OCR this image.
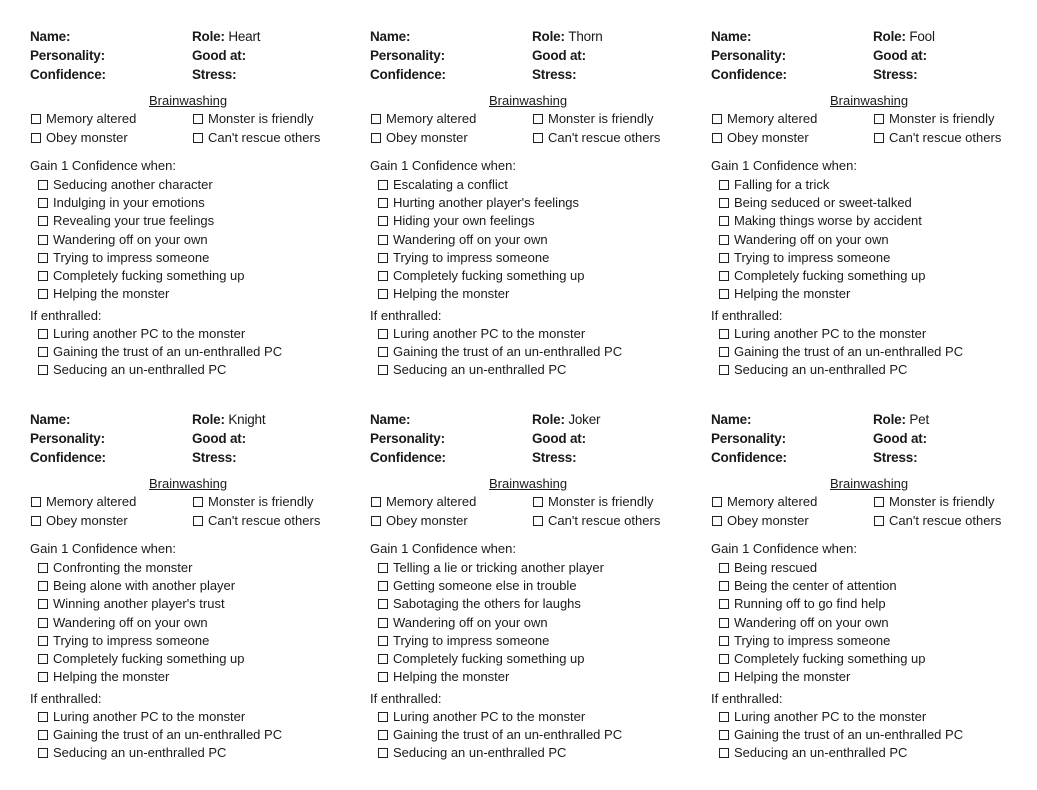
Name:	Role: Heart
Personality:	Good at:
Confidence:	Stress:
Brainwashing
Memory altered	Monster is friendly
Obey monster	Can't rescue others
Gain 1 Confidence when:
Seducing another character
Indulging in your emotions
Revealing your true feelings
Wandering off on your own
Trying to impress someone
Completely fucking something up
Helping the monster
If enthralled:
Luring another PC to the monster
Gaining the trust of an un-enthralled PC
Seducing an un-enthralled PC
Name:	Role: Thorn
Personality:	Good at:
Confidence:	Stress:
Brainwashing
Memory altered	Monster is friendly
Obey monster	Can't rescue others
Gain 1 Confidence when:
Escalating a conflict
Hurting another player's feelings
Hiding your own feelings
Wandering off on your own
Trying to impress someone
Completely fucking something up
Helping the monster
If enthralled:
Luring another PC to the monster
Gaining the trust of an un-enthralled PC
Seducing an un-enthralled PC
Name:	Role: Fool
Personality:	Good at:
Confidence:	Stress:
Brainwashing
Memory altered	Monster is friendly
Obey monster	Can't rescue others
Gain 1 Confidence when:
Falling for a trick
Being seduced or sweet-talked
Making things worse by accident
Wandering off on your own
Trying to impress someone
Completely fucking something up
Helping the monster
If enthralled:
Luring another PC to the monster
Gaining the trust of an un-enthralled PC
Seducing an un-enthralled PC
Name:	Role: Knight
Personality:	Good at:
Confidence:	Stress:
Brainwashing
Memory altered	Monster is friendly
Obey monster	Can't rescue others
Gain 1 Confidence when:
Confronting the monster
Being alone with another player
Winning another player's trust
Wandering off on your own
Trying to impress someone
Completely fucking something up
Helping the monster
If enthralled:
Luring another PC to the monster
Gaining the trust of an un-enthralled PC
Seducing an un-enthralled PC
Name:	Role: Joker
Personality:	Good at:
Confidence:	Stress:
Brainwashing
Memory altered	Monster is friendly
Obey monster	Can't rescue others
Gain 1 Confidence when:
Telling a lie or tricking another player
Getting someone else in trouble
Sabotaging the others for laughs
Wandering off on your own
Trying to impress someone
Completely fucking something up
Helping the monster
If enthralled:
Luring another PC to the monster
Gaining the trust of an un-enthralled PC
Seducing an un-enthralled PC
Name:	Role: Pet
Personality:	Good at:
Confidence:	Stress:
Brainwashing
Memory altered	Monster is friendly
Obey monster	Can't rescue others
Gain 1 Confidence when:
Being rescued
Being the center of attention
Running off to go find help
Wandering off on your own
Trying to impress someone
Completely fucking something up
Helping the monster
If enthralled:
Luring another PC to the monster
Gaining the trust of an un-enthralled PC
Seducing an un-enthralled PC
